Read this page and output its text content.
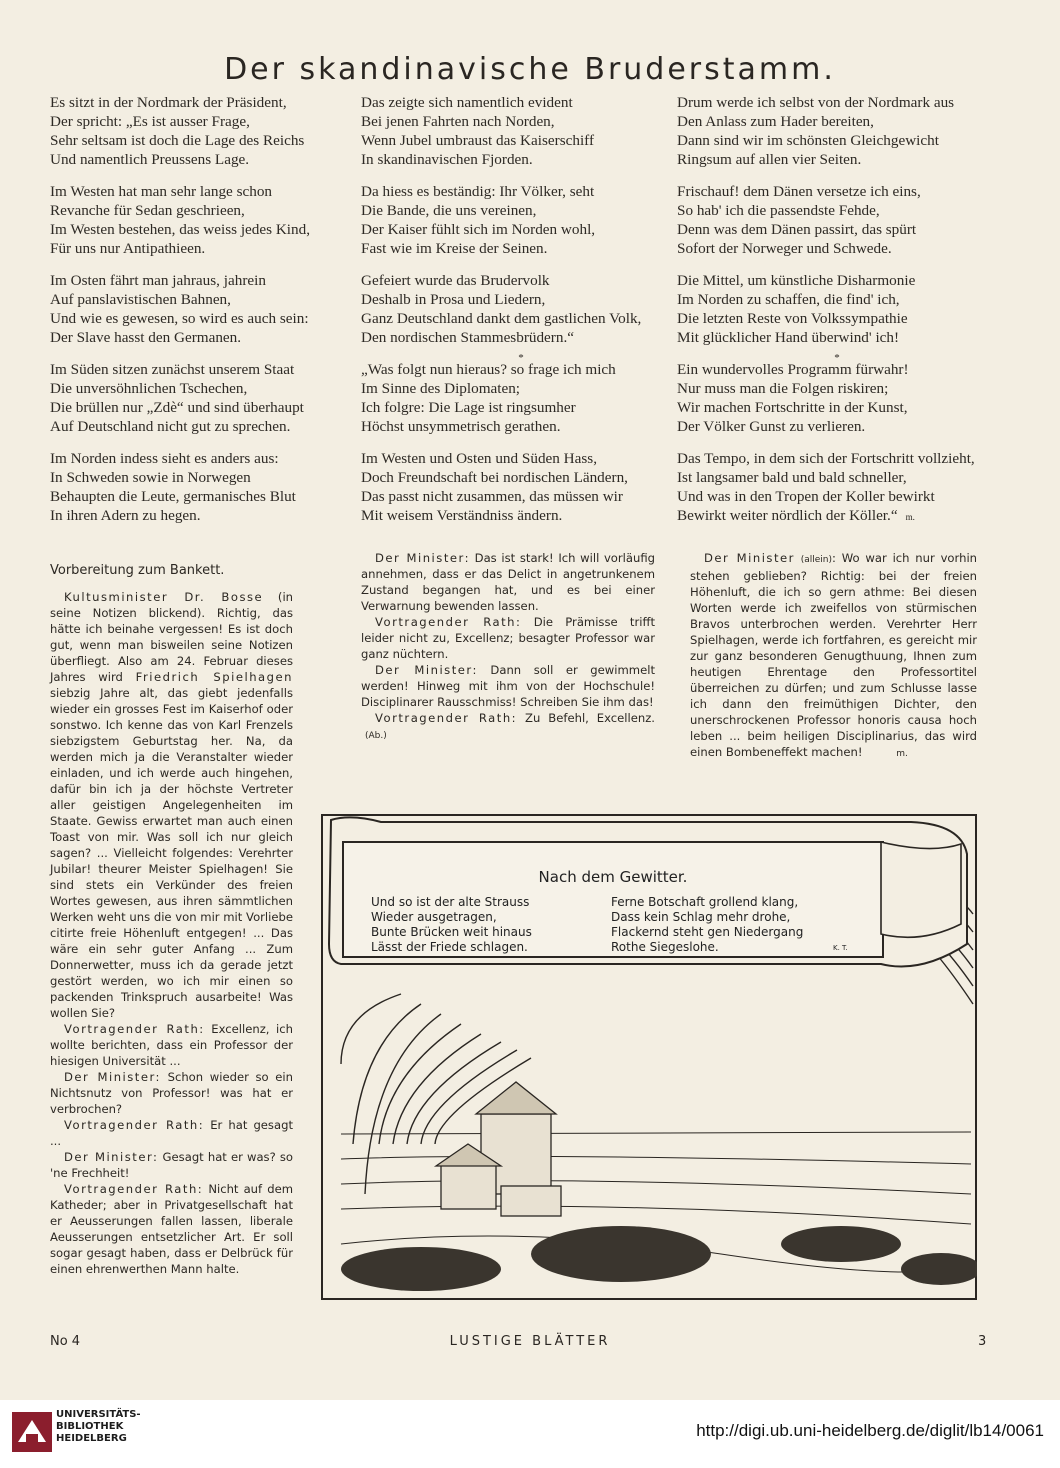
Der skandinavische Bruderstamm.
Es sitzt in der Nordmark der Präsident,
Der spricht: „Es ist ausser Frage,
Sehr seltsam ist doch die Lage des Reichs
Und namentlich Preussens Lage.
Im Westen hat man sehr lange schon
Revanche für Sedan geschrieen,
Im Westen bestehen, das weiss jedes Kind,
Für uns nur Antipathieen.
Im Osten fährt man jahraus, jahrein
Auf panslavistischen Bahnen,
Und wie es gewesen, so wird es auch sein:
Der Slave hasst den Germanen.
Im Süden sitzen zunächst unserem Staat
Die unversöhnlichen Tschechen,
Die brüllen nur „Zdè“ und sind überhaupt
Auf Deutschland nicht gut zu sprechen.
Im Norden indess sieht es anders aus:
In Schweden sowie in Norwegen
Behaupten die Leute, germanisches Blut
In ihren Adern zu hegen.
Das zeigte sich namentlich evident
Bei jenen Fahrten nach Norden,
Wenn Jubel umbraust das Kaiserschiff
In skandinavischen Fjorden.
Da hiess es beständig: Ihr Völker, seht
Die Bande, die uns vereinen,
Der Kaiser fühlt sich im Norden wohl,
Fast wie im Kreise der Seinen.
Gefeiert wurde das Brudervolk
Deshalb in Prosa und Liedern,
Ganz Deutschland dankt dem gastlichen Volk,
Den nordischen Stammesbrüdern.“
*
„Was folgt nun hieraus? so frage ich mich
Im Sinne des Diplomaten;
Ich folgre: Die Lage ist ringsumher
Höchst unsymmetrisch gerathen.
Im Westen und Osten und Süden Hass,
Doch Freundschaft bei nordischen Ländern,
Das passt nicht zusammen, das müssen wir
Mit weisem Verständniss ändern.
Drum werde ich selbst von der Nordmark aus
Den Anlass zum Hader bereiten,
Dann sind wir im schönsten Gleichgewicht
Ringsum auf allen vier Seiten.
Frischauf! dem Dänen versetze ich eins,
So hab' ich die passendste Fehde,
Denn was dem Dänen passirt, das spürt
Sofort der Norweger und Schwede.
Die Mittel, um künstliche Disharmonie
Im Norden zu schaffen, die find' ich,
Die letzten Reste von Volkssympathie
Mit glücklicher Hand überwind' ich!
*
Ein wundervolles Programm fürwahr!
Nur muss man die Folgen riskiren;
Wir machen Fortschritte in der Kunst,
Der Völker Gunst zu verlieren.
Das Tempo, in dem sich der Fortschritt vollzieht,
Ist langsamer bald und bald schneller,
Und was in den Tropen der Koller bewirkt
Bewirkt weiter nördlich der Köller.“ m.
Vorbereitung zum Bankett.

Kultusminister Dr. Bosse (in seine Notizen blickend). Richtig, das hätte ich beinahe vergessen! Es ist doch gut, wenn man bisweilen seine Notizen überfliegt. Also am 24. Februar dieses Jahres wird Friedrich Spielhagen siebzig Jahre alt, das giebt jedenfalls wieder ein grosses Fest im Kaiserhof oder sonstwo. Ich kenne das von Karl Frenzels siebzigstem Geburtstag her. Na, da werden mich ja die Veranstalter wieder einladen, und ich werde auch hingehen, dafür bin ich ja der höchste Vertreter aller geistigen Angelegenheiten im Staate. Gewiss erwartet man auch einen Toast von mir. Was soll ich nur gleich sagen? ... Vielleicht folgendes: Verehrter Jubilar! theurer Meister Spielhagen! Sie sind stets ein Verkünder des freien Wortes gewesen, aus ihren sämmtlichen Werken weht uns die von mir mit Vorliebe citirte freie Höhenluft entgegen! ... Das wäre ein sehr guter Anfang ... Zum Donnerwetter, muss ich da gerade jetzt gestört werden, wo ich mir einen so packenden Trinkspruch ausarbeite! Was wollen Sie?

Vortragender Rath: Excellenz, ich wollte berichten, dass ein Professor der hiesigen Universität ...

Der Minister: Schon wieder so ein Nichtsnutz von Professor! was hat er verbrochen?

Vortragender Rath: Er hat gesagt ...

Der Minister: Gesagt hat er was? so 'ne Frechheit!

Vortragender Rath: Nicht auf dem Katheder; aber in Privatgesellschaft hat er Aeusserungen fallen lassen, liberale Aeusserungen entsetzlicher Art. Er soll sogar gesagt haben, dass er Delbrück für einen ehrenwerthen Mann halte.

Der Minister: Das ist stark! Ich will vorläufig annehmen, dass er das Delict in angetrunkenem Zustand begangen hat, und es bei einer Verwarnung bewenden lassen.

Vortragender Rath: Die Prämisse trifft leider nicht zu, Excellenz; besagter Professor war ganz nüchtern.

Der Minister: Dann soll er gewimmelt werden! Hinweg mit ihm von der Hochschule! Disciplinarer Rausschmiss! Schreiben Sie ihm das!

Vortragender Rath: Zu Befehl, Excellenz.(Ab.)

Der Minister (allein): Wo war ich nur vorhin stehen geblieben? Richtig: bei der freien Höhenluft, die ich so gern athme: Bei diesen Worten werde ich zweifellos von stürmischen Bravos unterbrochen werden. Verehrter Herr Spielhagen, werde ich fortfahren, es gereicht mir zur ganz besonderen Genugthuung, Ihnen zum heutigen Ehrentage den Professortitel überreichen zu dürfen; und zum Schlusse lasse ich dann den freimüthigen Dichter, den unerschrockenen Professor honoris causa hoch leben ... beim heiligen Disciplinarius, das wird einen Bombeneffekt machen!	m.

Nach dem Gewitter.
Und so ist der alte Strauss
Wieder ausgetragen,
Bunte Brücken weit hinaus
Lässt der Friede schlagen.
Ferne Botschaft grollend klang,
Dass kein Schlag mehr drohe,
Flackernd steht gen Niedergang
Rothe Siegeslohe.	K. T.
No 4	LUSTIGE BLÄTTER	3
UNIVERSITÄTS-
BIBLIOTHEK
HEIDELBERG	http://digi.ub.uni-heidelberg.de/diglit/lb14/0061
